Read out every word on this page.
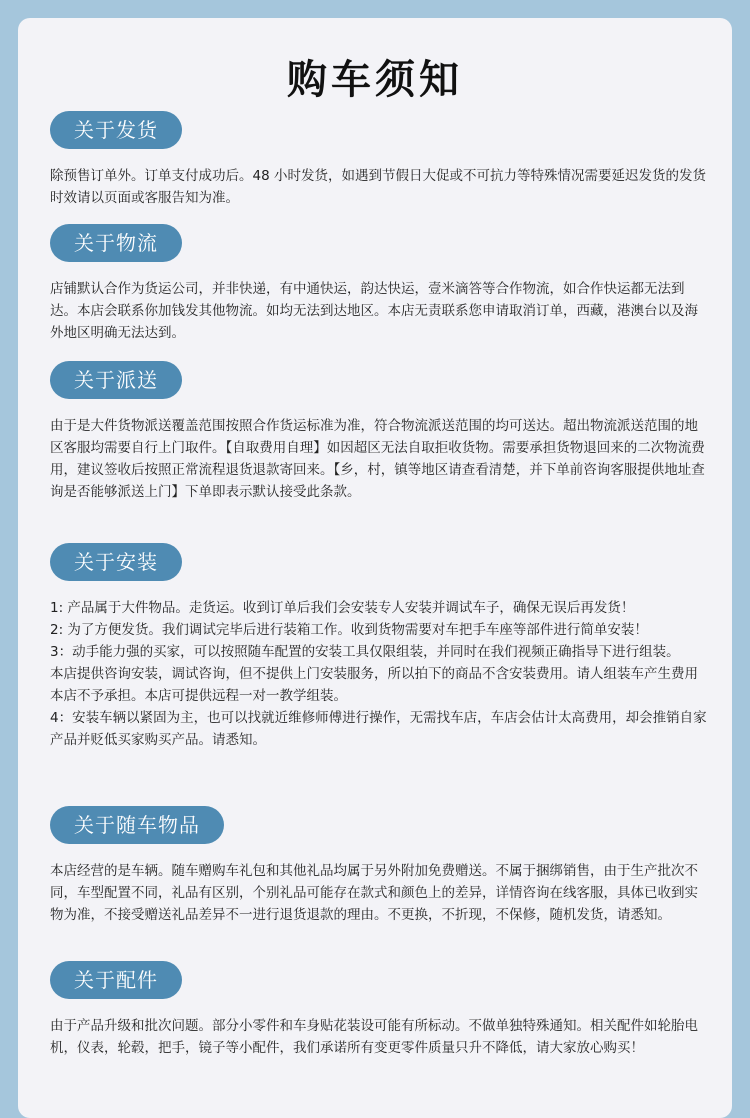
购车须知
关于发货

除预售订单外。订单支付成功后。48 小时发货，如遇到节假日大促或不可抗力等特殊情况需要延迟发货的发货时效请以页面或客服告知为准。

关于物流

店铺默认合作为货运公司，并非快递，有中通快运，韵达快运，壹米滴答等合作物流，如合作快运都无法到达。本店会联系你加钱发其他物流。如均无法到达地区。本店无责联系您申请取消订单，西藏，港澳台以及海外地区明确无法达到。

关于派送

由于是大件货物派送覆盖范围按照合作货运标准为准，符合物流派送范围的均可送达。超出物流派送范围的地区客服均需要自行上门取件。【自取费用自理】如因超区无法自取拒收货物。需要承担货物退回来的二次物流费用，建议签收后按照正常流程退货退款寄回来。【乡，村，镇等地区请查看清楚，并下单前咨询客服提供地址查询是否能够派送上门】下单即表示默认接受此条款。

关于安装

1: 产品属于大件物品。走货运。收到订单后我们会安装专人安装并调试车子，确保无误后再发货！

2: 为了方便发货。我们调试完毕后进行装箱工作。收到货物需要对车把手车座等部件进行简单安装！

3：动手能力强的买家，可以按照随车配置的安装工具仅限组装，并同时在我们视频正确指导下进行组装。

本店提供咨询安装，调试咨询，但不提供上门安装服务，所以拍下的商品不含安装费用。请人组装车产生费用

本店不予承担。本店可提供远程一对一教学组装。

4：安装车辆以紧固为主，也可以找就近维修师傅进行操作，无需找车店，车店会估计太高费用，却会推销自家产品并贬低买家购买产品。请悉知。

关于随车物品

本店经营的是车辆。随车赠购车礼包和其他礼品均属于另外附加免费赠送。不属于捆绑销售，由于生产批次不同，车型配置不同，礼品有区别，个别礼品可能存在款式和颜色上的差异，详情咨询在线客服，具体已收到实物为准，不接受赠送礼品差异不一进行退货退款的理由。不更换，不折现，不保修，随机发货，请悉知。

关于配件

由于产品升级和批次问题。部分小零件和车身贴花装设可能有所标动。不做单独特殊通知。相关配件如轮胎电机，仪表，轮毂，把手，镜子等小配件，我们承诺所有变更零件质量只升不降低，请大家放心购买！
